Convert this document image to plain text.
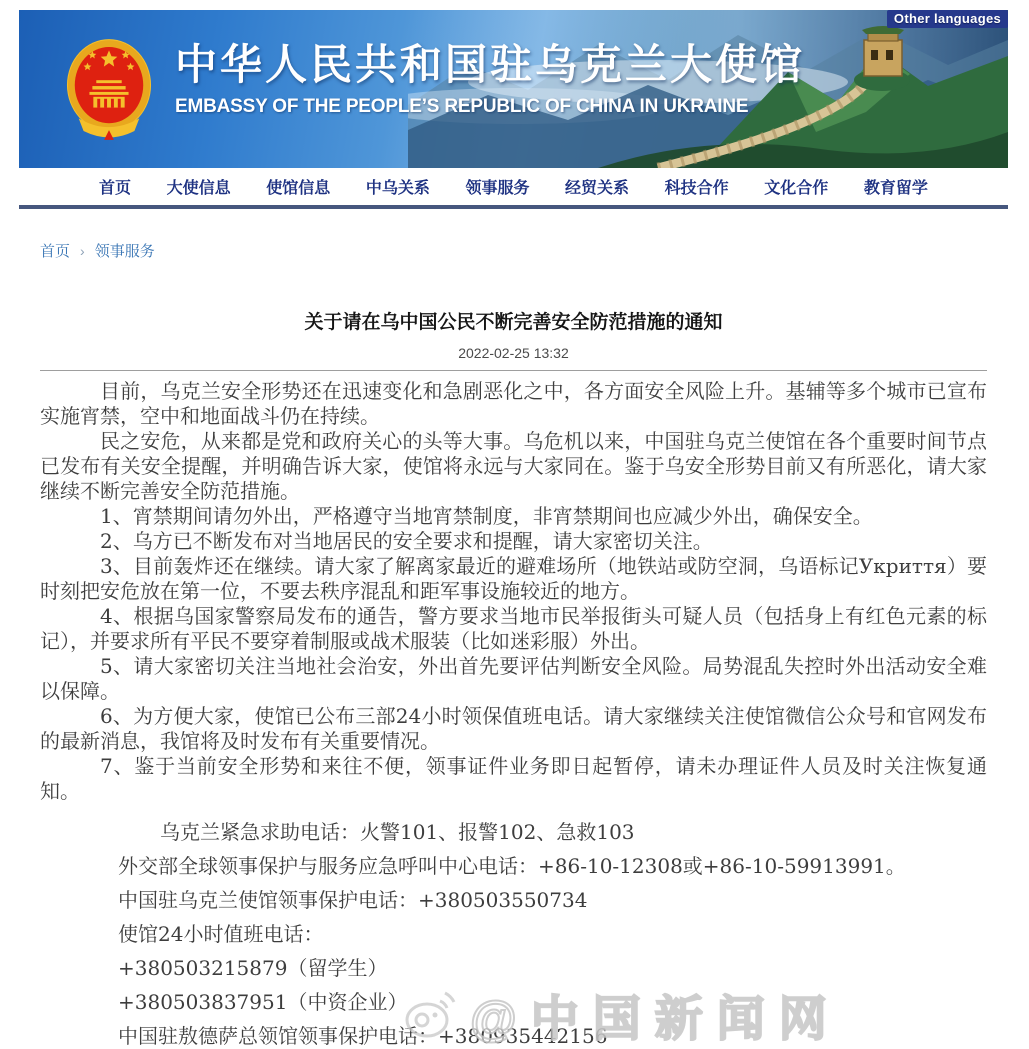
Other languages
中华人民共和国驻乌克兰大使馆
EMBASSY OF THE PEOPLE’S REPUBLIC OF CHINA IN UKRAINE
首页 大使信息 使馆信息 中乌关系 领事服务 经贸关系 科技合作 文化合作 教育留学
首页 › 领事服务
关于请在乌中国公民不断完善安全防范措施的通知
2022-02-25 13:32

目前，乌克兰安全形势还在迅速变化和急剧恶化之中，各方面安全风险上升。基辅等多个城市已宣布实施宵禁，空中和地面战斗仍在持续。

民之安危，从来都是党和政府关心的头等大事。乌危机以来，中国驻乌克兰使馆在各个重要时间节点已发布有关安全提醒，并明确告诉大家，使馆将永远与大家同在。鉴于乌安全形势目前又有所恶化，请大家继续不断完善安全防范措施。

1、宵禁期间请勿外出，严格遵守当地宵禁制度，非宵禁期间也应减少外出，确保安全。

2、乌方已不断发布对当地居民的安全要求和提醒，请大家密切关注。

3、目前轰炸还在继续。请大家了解离家最近的避难场所（地铁站或防空洞，乌语标记Укриття）要时刻把安危放在第一位，不要去秩序混乱和距军事设施较近的地方。

4、根据乌国家警察局发布的通告，警方要求当地市民举报街头可疑人员（包括身上有红色元素的标记），并要求所有平民不要穿着制服或战术服装（比如迷彩服）外出。

5、请大家密切关注当地社会治安，外出首先要评估判断安全风险。局势混乱失控时外出活动安全难以保障。

6、为方便大家，使馆已公布三部24小时领保值班电话。请大家继续关注使馆微信公众号和官网发布的最新消息，我馆将及时发布有关重要情况。

7、鉴于当前安全形势和来往不便，领事证件业务即日起暂停，请未办理证件人员及时关注恢复通知。

乌克兰紧急求助电话：火警101、报警102、急救103

外交部全球领事保护与服务应急呼叫中心电话：+86-10-12308或+86-10-59913991。

中国驻乌克兰使馆领事保护电话：+380503550734

使馆24小时值班电话：

+380503215879（留学生）

+380503837951（中资企业）

中国驻敖德萨总领馆领事保护电话：+380935442156

@中国新闻网
